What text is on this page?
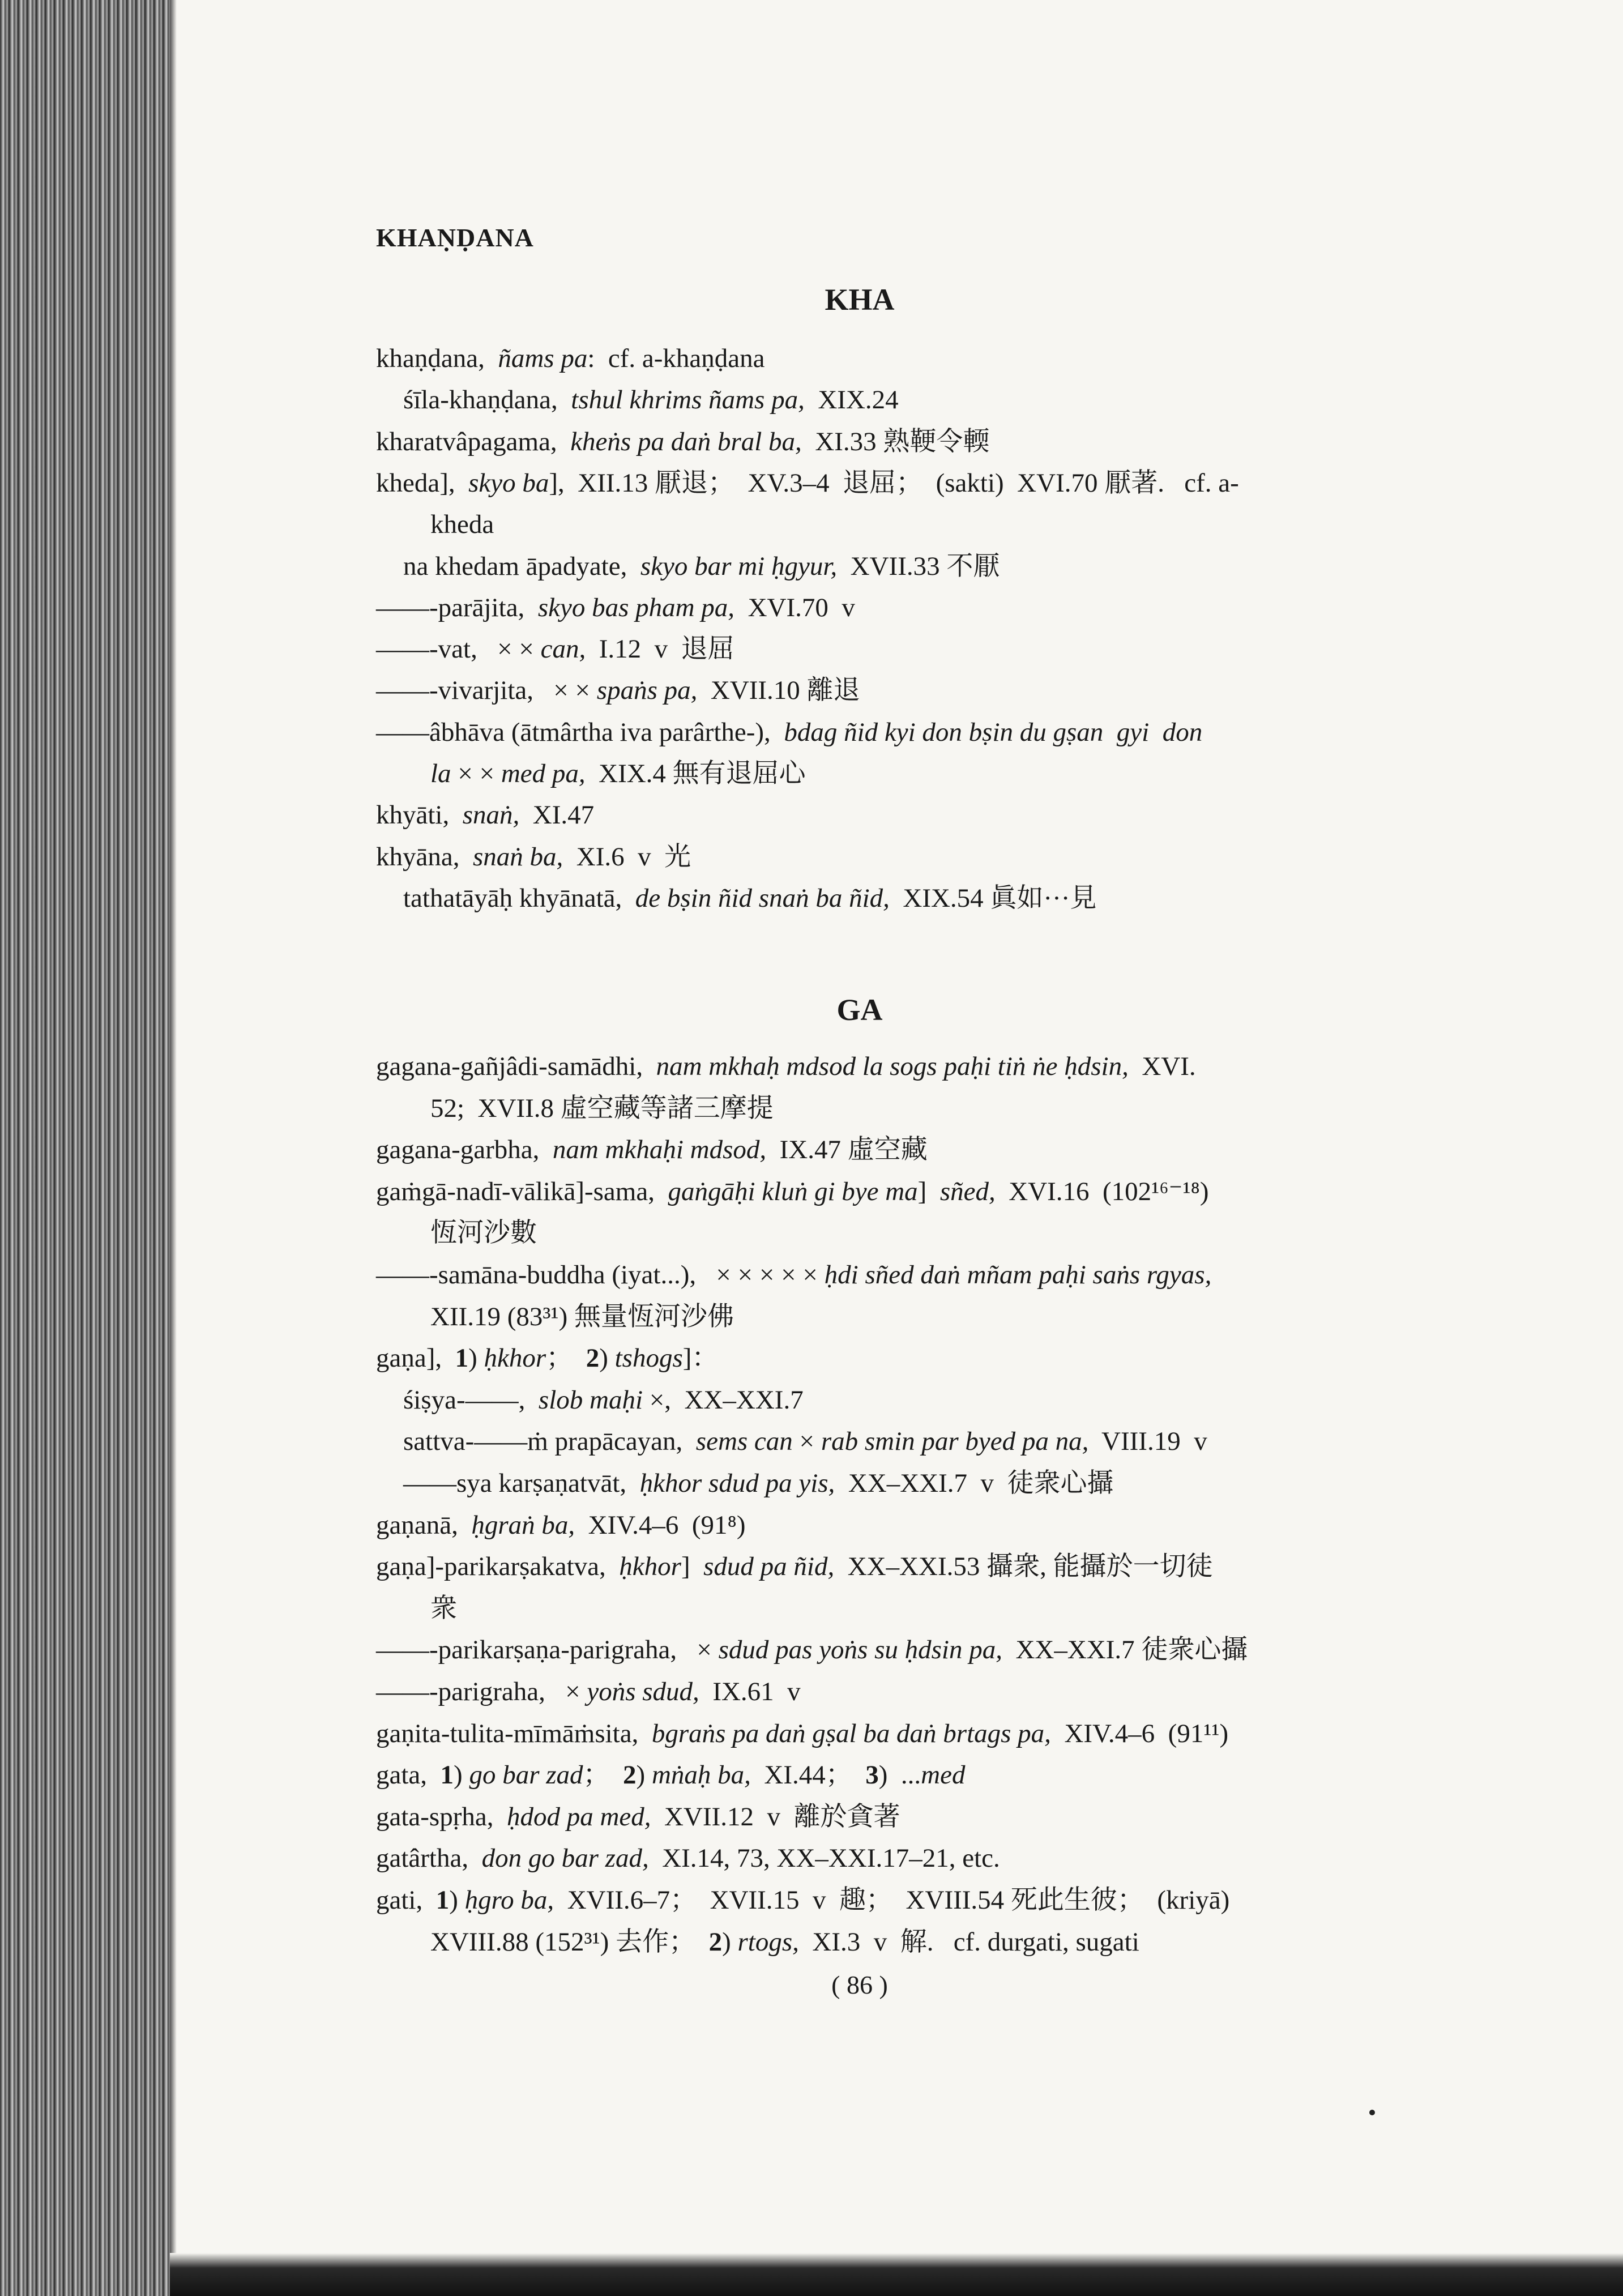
KHAṆḌANA
KHA
khaṇḍana,  ñams pa:  cf. a-khaṇḍana
śīla-khaṇḍana,  tshul khrims ñams pa,  XIX.24
kharatvâpagama,  kheṅs pa daṅ bral ba,  XI.33 熟鞕令輭
kheda],  skyo ba],  XII.13 厭退；  XV.3–4  退屈；  (sakti)  XVI.70 厭著.   cf. a-
kheda
na khedam āpadyate,  skyo bar mi ḥgyur,  XVII.33 不厭
——-parājita,  skyo bas pham pa,  XVI.70  v
——-vat,   × × can,  I.12  v  退屈
——-vivarjita,   × × spaṅs pa,  XVII.10 離退
——âbhāva (ātmârtha iva parârthe-),  bdag ñid kyi don bṣin du gṣan  gyi  don
la × × med pa,  XIX.4 無有退屈心
khyāti,  snaṅ,  XI.47
khyāna,  snaṅ ba,  XI.6  v  光
tathatāyāḥ khyānatā,  de bṣin ñid snaṅ ba ñid,  XIX.54 眞如···見
GA
gagana-gañjâdi-samādhi,  nam mkhaḥ mdsod la sogs paḥi tiṅ ṅe ḥdsin,  XVI.
52;  XVII.8 虛空藏等諸三摩提
gagana-garbha,  nam mkhaḥi mdsod,  IX.47 虛空藏
gaṁgā-nadī-vālikā]-sama,  gaṅgāḥi kluṅ gi bye ma]  sñed,  XVI.16  (102¹⁶⁻¹⁸)
恆河沙數
——-samāna-buddha (iyat...),   × × × × × ḥdi sñed daṅ mñam paḥi saṅs rgyas,
XII.19 (83³¹) 無量恆河沙佛
gaṇa],  1) ḥkhor；  2) tshogs]：
śiṣya-——,  slob maḥi ×,  XX–XXI.7
sattva-——ṁ prapācayan,  sems can × rab smin par byed pa na,  VIII.19  v
——sya karṣaṇatvāt,  ḥkhor sdud pa yis,  XX–XXI.7  v  徒衆心攝
gaṇanā,  ḥgraṅ ba,  XIV.4–6  (91⁸)
gaṇa]-parikarṣakatva,  ḥkhor]  sdud pa ñid,  XX–XXI.53 攝衆, 能攝於一切徒
衆
——-parikarṣaṇa-parigraha,   × sdud pas yoṅs su ḥdsin pa,  XX–XXI.7 徒衆心攝
——-parigraha,   × yoṅs sdud,  IX.61  v
gaṇita-tulita-mīmāṁsita,  bgraṅs pa daṅ gṣal ba daṅ brtags pa,  XIV.4–6  (91¹¹)
gata,  1) go bar zad；  2) mṅaḥ ba,  XI.44；  3)  ...med
gata-spṛha,  ḥdod pa med,  XVII.12  v  離於貪著
gatârtha,  don go bar zad,  XI.14, 73, XX–XXI.17–21, etc.
gati,  1) ḥgro ba,  XVII.6–7；  XVII.15  v  趣；  XVIII.54 死此生彼；  (kriyā)
XVIII.88 (152³¹) 去作；  2) rtogs,  XI.3  v  解.   cf. durgati, sugati
( 86 )
